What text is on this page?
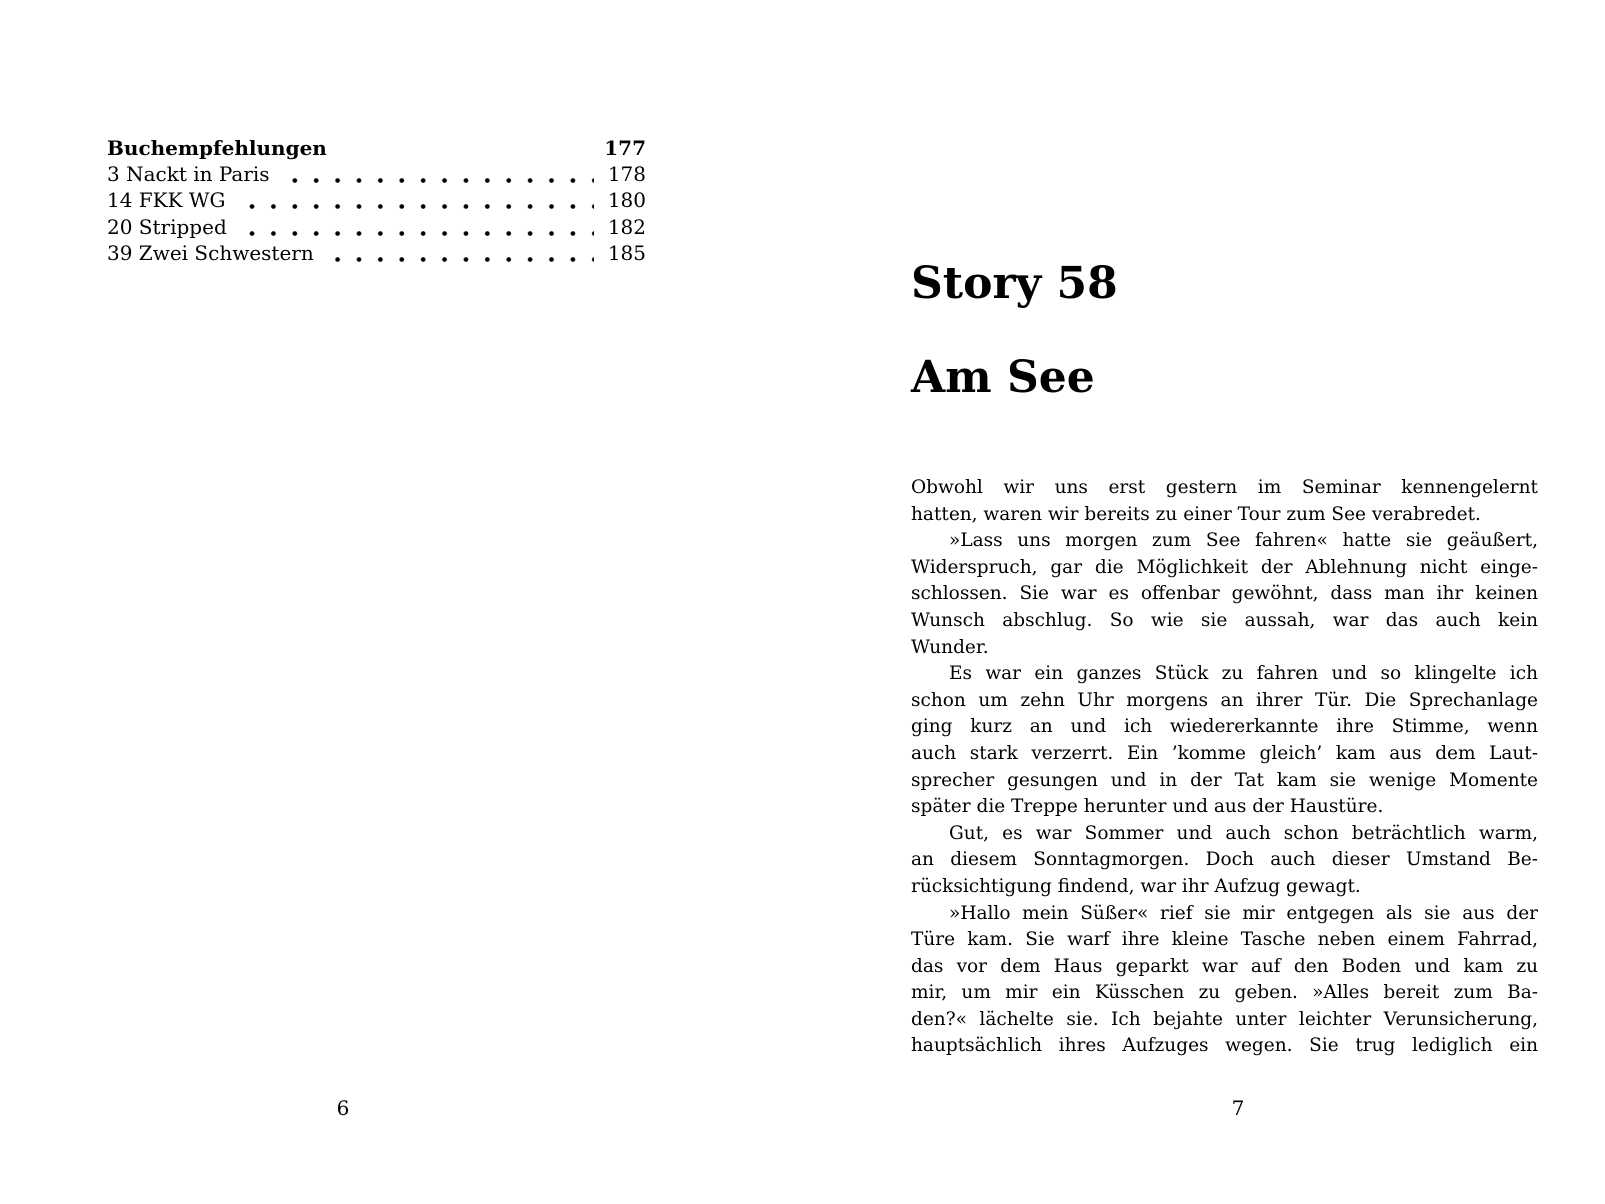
Buchempfehlungen	177
3 Nackt in Paris	178
14 FKK WG	180
20 Stripped	182
39 Zwei Schwestern	185
6
Story 58
Am See
Obwohl wir uns erst gestern im Seminar kennengelernt
hatten, waren wir bereits zu einer Tour zum See verabredet.
»Lass uns morgen zum See fahren« hatte sie geäußert,
Widerspruch, gar die Möglichkeit der Ablehnung nicht einge-
schlossen. Sie war es offenbar gewöhnt, dass man ihr keinen
Wunsch abschlug. So wie sie aussah, war das auch kein
Wunder.
Es war ein ganzes Stück zu fahren und so klingelte ich
schon um zehn Uhr morgens an ihrer Tür. Die Sprechanlage
ging kurz an und ich wiedererkannte ihre Stimme, wenn
auch stark verzerrt. Ein ’komme gleich’ kam aus dem Laut-
sprecher gesungen und in der Tat kam sie wenige Momente
später die Treppe herunter und aus der Haustüre.
Gut, es war Sommer und auch schon beträchtlich warm,
an diesem Sonntagmorgen. Doch auch dieser Umstand Be-
rücksichtigung findend, war ihr Aufzug gewagt.
»Hallo mein Süßer« rief sie mir entgegen als sie aus der
Türe kam. Sie warf ihre kleine Tasche neben einem Fahrrad,
das vor dem Haus geparkt war auf den Boden und kam zu
mir, um mir ein Küsschen zu geben. »Alles bereit zum Ba-
den?« lächelte sie. Ich bejahte unter leichter Verunsicherung,
hauptsächlich ihres Aufzuges wegen. Sie trug lediglich ein
7
